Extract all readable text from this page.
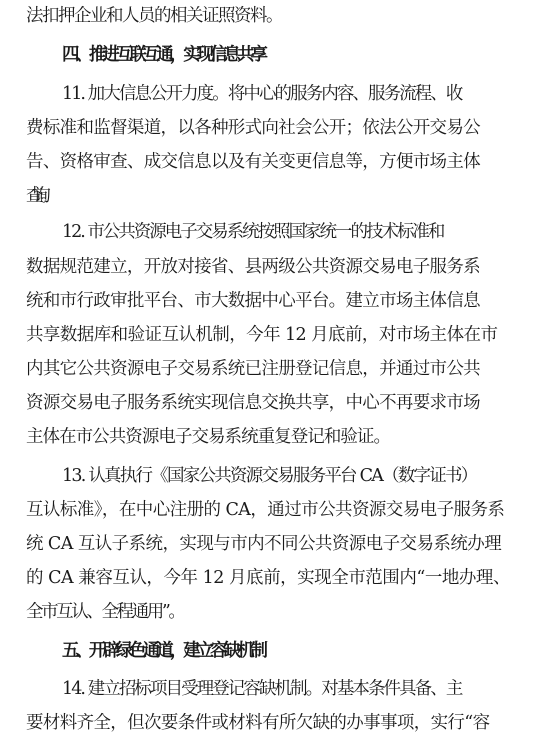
法扣押企业和人员的相关证照资料。
四、推进互联互通，实现信息共享
11. 加大信息公开力度。将中心的服务内容、服务流程、收
费标准和监督渠道，以各种形式向社会公开；依法公开交易公
告、资格审查、成交信息以及有关变更信息等，方便市场主体
查询。
12. 市公共资源电子交易系统按照国家统一的技术标准和
数据规范建立，开放对接省、县两级公共资源交易电子服务系
统和市行政审批平台、市大数据中心平台。建立市场主体信息
共享数据库和验证互认机制，今年 12 月底前，对市场主体在市
内其它公共资源电子交易系统已注册登记信息，并通过市公共
资源交易电子服务系统实现信息交换共享，中心不再要求市场
主体在市公共资源电子交易系统重复登记和验证。
13. 认真执行《国家公共资源交易服务平台 CA（数字证书）
互认标准》，在中心注册的 CA，通过市公共资源交易电子服务系
统 CA 互认子系统，实现与市内不同公共资源电子交易系统办理
的 CA 兼容互认，今年 12 月底前，实现全市范围内“一地办理、
全市互认、全程通用”。
五、开辟绿色通道，建立容缺机制
14. 建立招标项目受理登记容缺机制。对基本条件具备、主
要材料齐全，但次要条件或材料有所欠缺的办事事项，实行“容
